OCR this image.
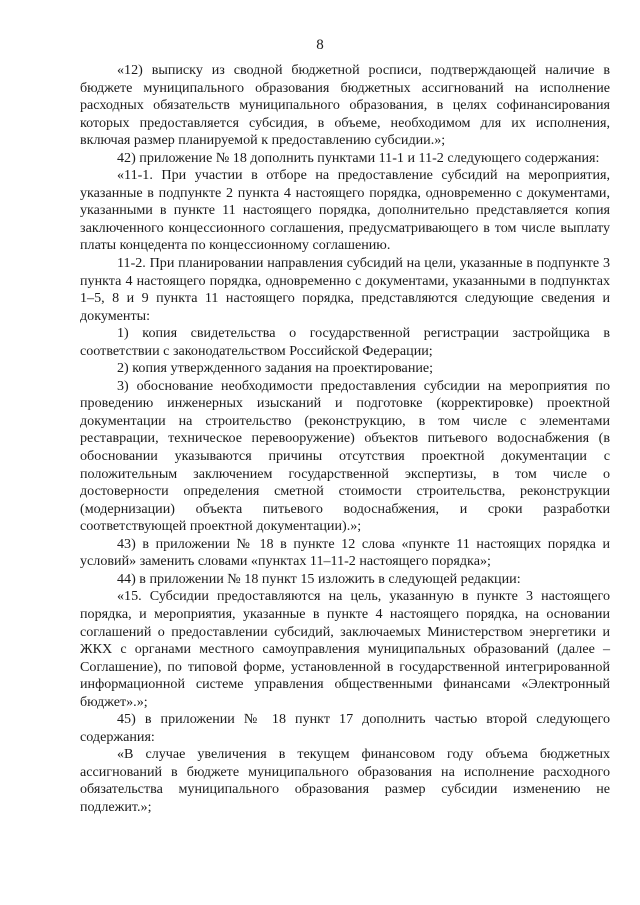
8

«12) выписку из сводной бюджетной росписи, подтверждающей наличие в бюджете муниципального образования бюджетных ассигнований на исполнение расходных обязательств муниципального образования, в целях софинансирования которых предоставляется субсидия, в объеме, необходимом для их исполнения, включая размер планируемой к предоставлению субсидии.»;

42) приложение № 18 дополнить пунктами 11-1 и 11-2 следующего содержания:

«11-1. При участии в отборе на предоставление субсидий на мероприятия, указанные в подпункте 2 пункта 4 настоящего порядка, одновременно с документами, указанными в пункте 11 настоящего порядка, дополнительно представляется копия заключенного концессионного соглашения, предусматривающего в том числе выплату платы концедента по концессионному соглашению.

11-2. При планировании направления субсидий на цели, указанные в подпункте 3 пункта 4 настоящего порядка, одновременно с документами, указанными в подпунктах 1–5, 8 и 9 пункта 11 настоящего порядка, представляются следующие сведения и документы:

1) копия свидетельства о государственной регистрации застройщика в соответствии с законодательством Российской Федерации;

2) копия утвержденного задания на проектирование;

3) обоснование необходимости предоставления субсидии на мероприятия по проведению инженерных изысканий и подготовке (корректировке) проектной документации на строительство (реконструкцию, в том числе с элементами реставрации, техническое перевооружение) объектов питьевого водоснабжения (в обосновании указываются причины отсутствия проектной документации с положительным заключением государственной экспертизы, в том числе о достоверности определения сметной стоимости строительства, реконструкции (модернизации) объекта питьевого водоснабжения, и сроки разработки соответствующей проектной документации).»;

43) в приложении № 18 в пункте 12 слова «пункте 11 настоящих порядка и условий» заменить словами «пунктах 11–11-2 настоящего порядка»;

44) в приложении № 18 пункт 15 изложить в следующей редакции:

«15. Субсидии предоставляются на цель, указанную в пункте 3 настоящего порядка, и мероприятия, указанные в пункте 4 настоящего порядка, на основании соглашений о предоставлении субсидий, заключаемых Министерством энергетики и ЖКХ с органами местного самоуправления муниципальных образований (далее – Соглашение), по типовой форме, установленной в государственной интегрированной информационной системе управления общественными финансами «Электронный бюджет».»;

45) в приложении № 18 пункт 17 дополнить частью второй следующего содержания:

«В случае увеличения в текущем финансовом году объема бюджетных ассигнований в бюджете муниципального образования на исполнение расходного обязательства муниципального образования размер субсидии изменению не подлежит.»;
